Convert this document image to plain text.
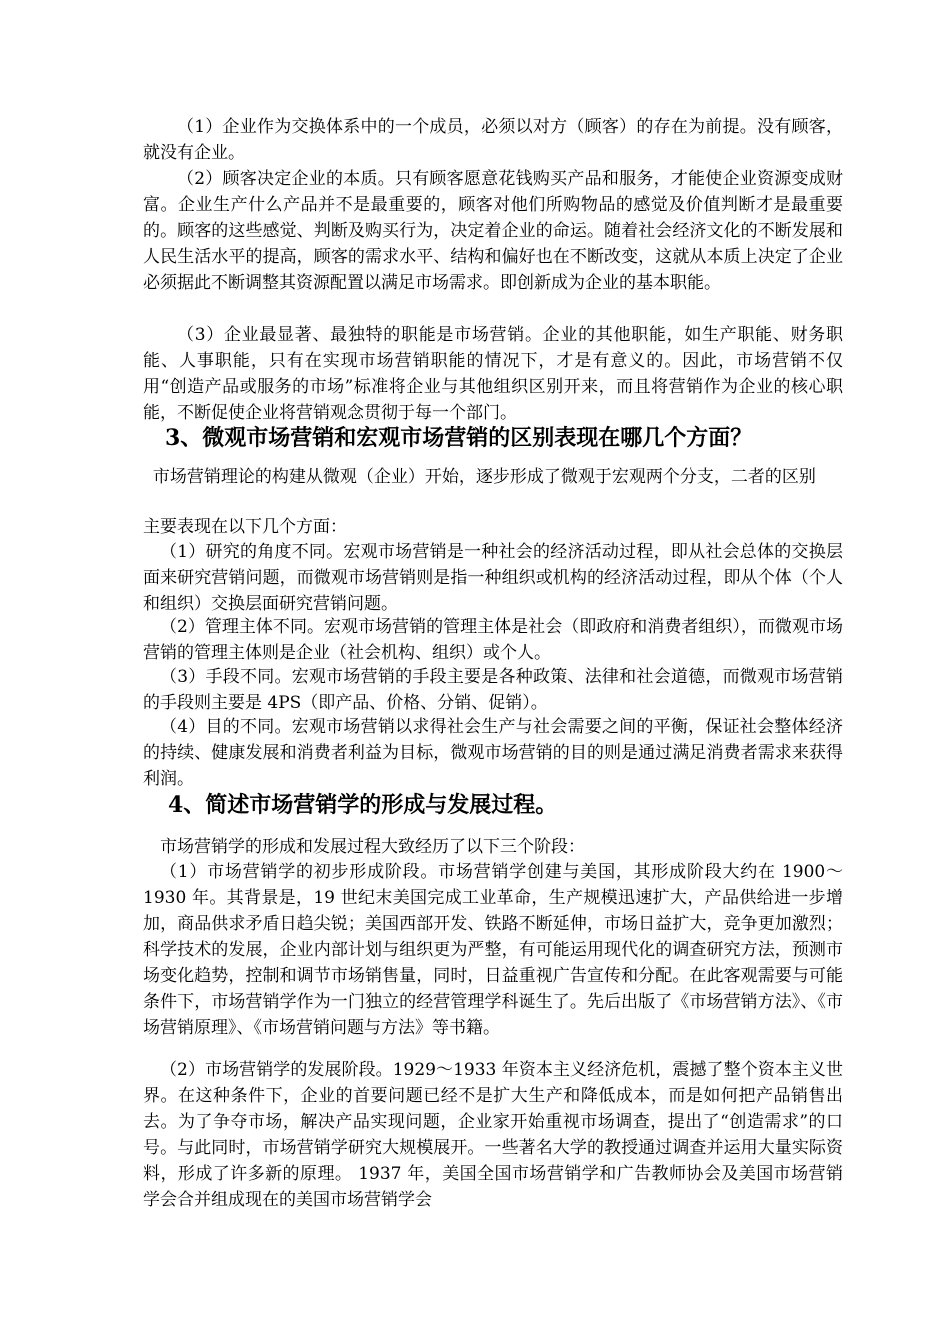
（1）企业作为交换体系中的一个成员，必须以对方（顾客）的存在为前提。没有顾客，就没有企业。

（2）顾客决定企业的本质。只有顾客愿意花钱购买产品和服务，才能使企业资源变成财富。企业生产什么产品并不是最重要的，顾客对他们所购物品的感觉及价值判断才是最重要的。顾客的这些感觉、判断及购买行为，决定着企业的命运。随着社会经济文化的不断发展和人民生活水平的提高，顾客的需求水平、结构和偏好也在不断改变，这就从本质上决定了企业必须据此不断调整其资源配置以满足市场需求。即创新成为企业的基本职能。

（3）企业最显著、最独特的职能是市场营销。企业的其他职能，如生产职能、财务职能、人事职能，只有在实现市场营销职能的情况下，才是有意义的。因此，市场营销不仅用“创造产品或服务的市场”标准将企业与其他组织区别开来，而且将营销作为企业的核心职能，不断促使企业将营销观念贯彻于每一个部门。

3、微观市场营销和宏观市场营销的区别表现在哪几个方面？

市场营销理论的构建从微观（企业）开始，逐步形成了微观于宏观两个分支，二者的区别

主要表现在以下几个方面：

（1）研究的角度不同。宏观市场营销是一种社会的经济活动过程，即从社会总体的交换层面来研究营销问题，而微观市场营销则是指一种组织或机构的经济活动过程，即从个体（个人和组织）交换层面研究营销问题。

（2）管理主体不同。宏观市场营销的管理主体是社会（即政府和消费者组织），而微观市场营销的管理主体则是企业（社会机构、组织）或个人。

（3）手段不同。宏观市场营销的手段主要是各种政策、法律和社会道德，而微观市场营销的手段则主要是 4PS（即产品、价格、分销、促销）。

（4）目的不同。宏观市场营销以求得社会生产与社会需要之间的平衡，保证社会整体经济的持续、健康发展和消费者利益为目标，微观市场营销的目的则是通过满足消费者需求来获得利润。

4、简述市场营销学的形成与发展过程。

市场营销学的形成和发展过程大致经历了以下三个阶段：

（1）市场营销学的初步形成阶段。市场营销学创建与美国，其形成阶段大约在 1900～1930 年。其背景是，19 世纪末美国完成工业革命，生产规模迅速扩大，产品供给进一步增加，商品供求矛盾日趋尖锐；美国西部开发、铁路不断延伸，市场日益扩大，竞争更加激烈；科学技术的发展，企业内部计划与组织更为严整，有可能运用现代化的调查研究方法，预测市场变化趋势，控制和调节市场销售量，同时，日益重视广告宣传和分配。在此客观需要与可能条件下，市场营销学作为一门独立的经营管理学科诞生了。先后出版了《市场营销方法》、《市场营销原理》、《市场营销问题与方法》等书籍。

（2）市场营销学的发展阶段。1929～1933 年资本主义经济危机，震撼了整个资本主义世界。在这种条件下，企业的首要问题已经不是扩大生产和降低成本，而是如何把产品销售出去。为了争夺市场，解决产品实现问题，企业家开始重视市场调查，提出了“创造需求”的口号。与此同时，市场营销学研究大规模展开。一些著名大学的教授通过调查并运用大量实际资料，形成了许多新的原理。 1937 年，美国全国市场营销学和广告教师协会及美国市场营销学会合并组成现在的美国市场营销学会
